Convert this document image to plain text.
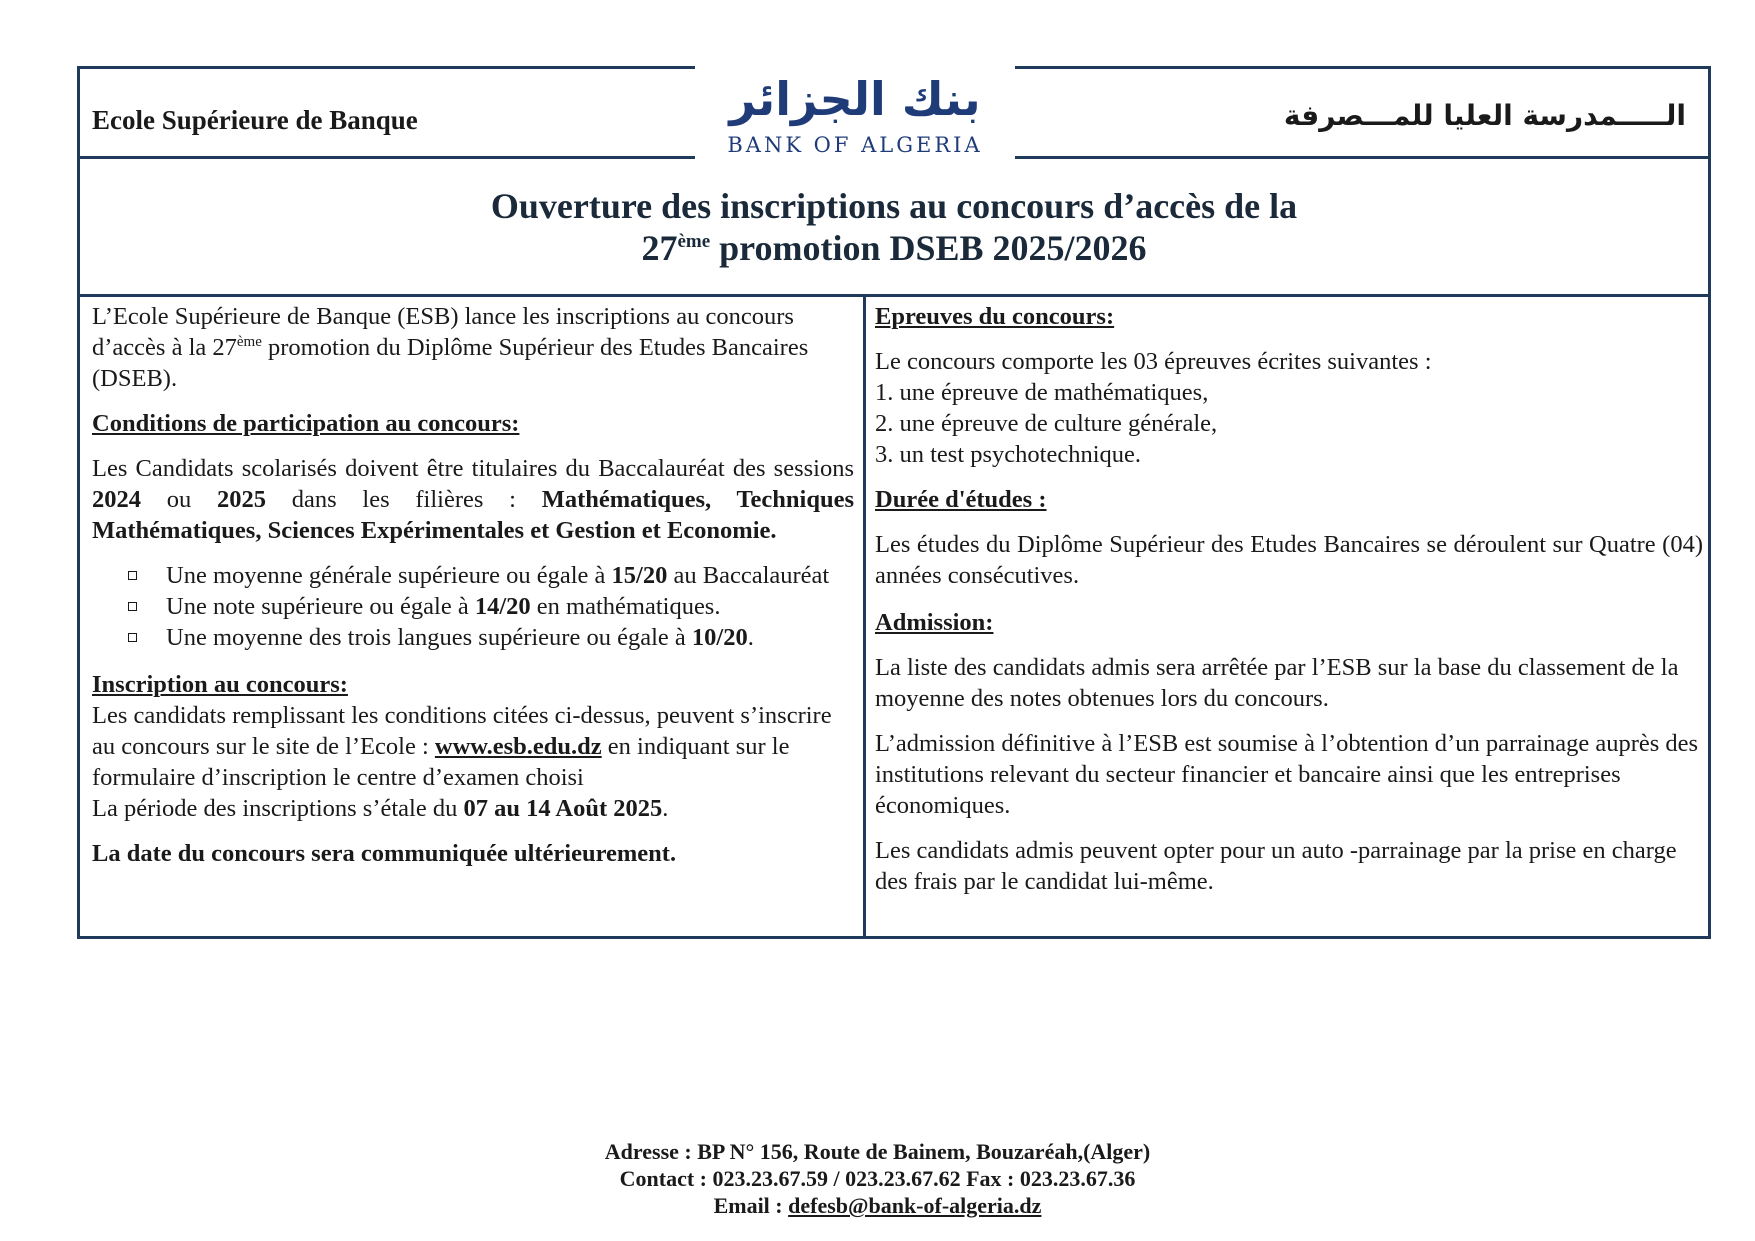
Ecole Supérieure de Banque	بنك الجزائر
BANK OF ALGERIA
الـــــمدرسة العليا للمـــصرفة
Ouverture des inscriptions au concours d’accès de la
27ème promotion DSEB 2025/2026

L’Ecole Supérieure de Banque (ESB) lance les inscriptions au concours d’accès à la 27ème promotion du Diplôme Supérieur des Etudes Bancaires (DSEB).

Conditions de participation au concours:

Les Candidats scolarisés doivent être titulaires du Baccalauréat des sessions 2024 ou 2025 dans les filières : Mathématiques, Techniques Mathématiques, Sciences Expérimentales et Gestion et Economie.

Une moyenne générale supérieure ou égale à 15/20 au Baccalauréat
Une note supérieure ou égale à 14/20 en mathématiques.
Une moyenne des trois langues supérieure ou égale à 10/20.
Inscription au concours:

Les candidats remplissant les conditions citées ci-dessus, peuvent s’inscrire au concours sur le site de l’Ecole : www.esb.edu.dz en indiquant sur le formulaire d’inscription le centre d’examen choisi
La période des inscriptions s’étale du 07 au 14 Août 2025.

La date du concours sera communiquée ultérieurement.

Epreuves du concours:

Le concours comporte les 03 épreuves écrites suivantes :

1. une épreuve de mathématiques,

2. une épreuve de culture générale,

3. un test psychotechnique.

Durée d'études :

Les études du Diplôme Supérieur des Etudes Bancaires se déroulent sur Quatre (04) années consécutives.

Admission:

La liste des candidats admis sera arrêtée par l’ESB sur la base du classement de la moyenne des notes obtenues lors du concours.

L’admission définitive à l’ESB est soumise à l’obtention d’un parrainage auprès des institutions relevant du secteur financier et bancaire ainsi que les entreprises économiques.

Les candidats admis peuvent opter pour un auto -parrainage par la prise en charge des frais par le candidat lui-même.

Adresse : BP N° 156, Route de Bainem, Bouzaréah,(Alger)
Contact : 023.23.67.59 / 023.23.67.62 Fax : 023.23.67.36
Email : defesb@bank-of-algeria.dz
